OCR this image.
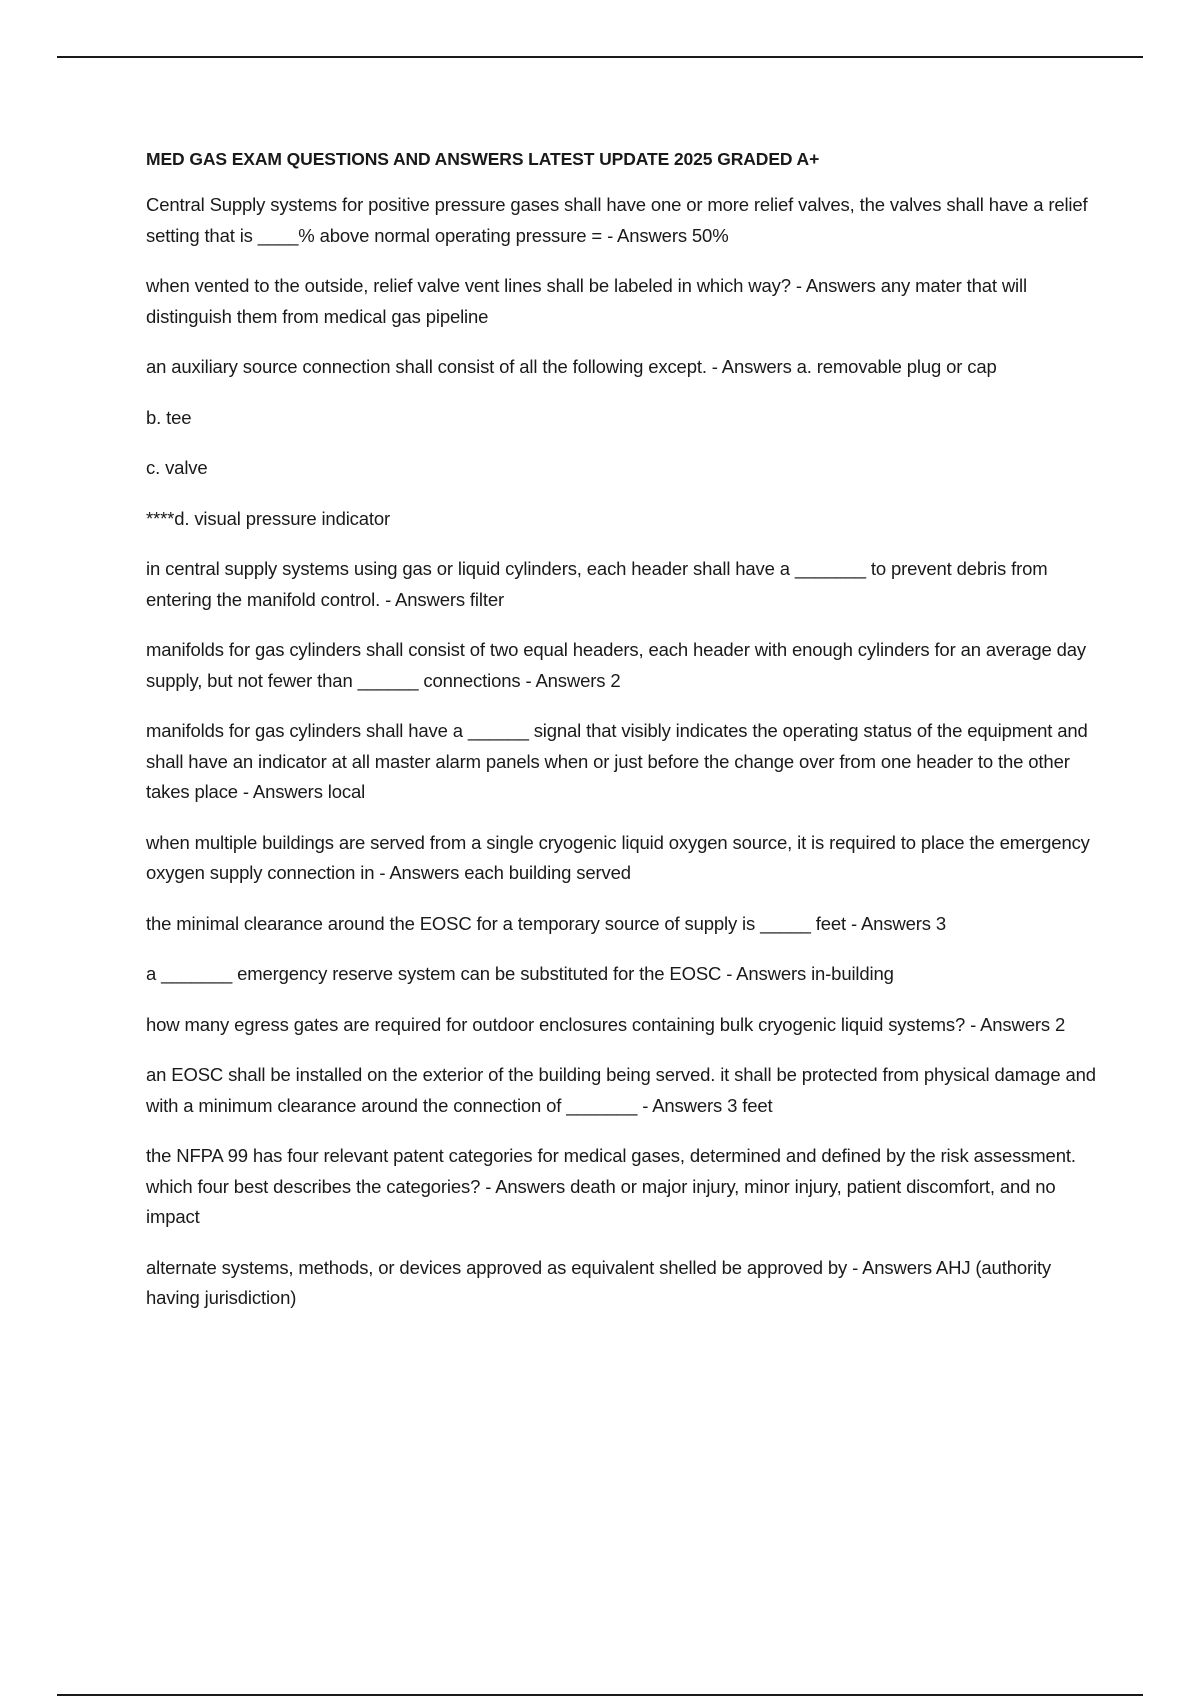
MED GAS EXAM QUESTIONS AND ANSWERS LATEST UPDATE 2025 GRADED A+
Central Supply systems for positive pressure gases shall have one or more relief valves, the valves shall have a relief setting that is ____% above normal operating pressure = - Answers 50%
when vented to the outside, relief valve vent lines shall be labeled in which way? - Answers any mater that will distinguish them from medical gas pipeline
an auxiliary source connection shall consist of all the following except. - Answers a. removable plug or cap
b. tee
c. valve
****d. visual pressure indicator
in central supply systems using gas or liquid cylinders, each header shall have a _______ to prevent debris from entering the manifold control. - Answers filter
manifolds for gas cylinders shall consist of two equal headers, each header with enough cylinders for an average day supply, but not fewer than ______ connections - Answers 2
manifolds for gas cylinders shall have a ______ signal that visibly indicates the operating status of the equipment and shall have an indicator at all master alarm panels when or just before the change over from one header to the other takes place - Answers local
when multiple buildings are served from a single cryogenic liquid oxygen source, it is required to place the emergency oxygen supply connection in - Answers each building served
the minimal clearance around the EOSC for a temporary source of supply is _____ feet - Answers 3
a _______ emergency reserve system can be substituted for the EOSC - Answers in-building
how many egress gates are required for outdoor enclosures containing bulk cryogenic liquid systems? - Answers 2
an EOSC shall be installed on the exterior of the building being served. it shall be protected from physical damage and with a minimum clearance around the connection of _______ - Answers 3 feet
the NFPA 99 has four relevant patent categories for medical gases, determined and defined by the risk assessment. which four best describes the categories? - Answers death or major injury, minor injury, patient discomfort, and no impact
alternate systems, methods, or devices approved as equivalent shelled be approved by - Answers AHJ (authority having jurisdiction)
